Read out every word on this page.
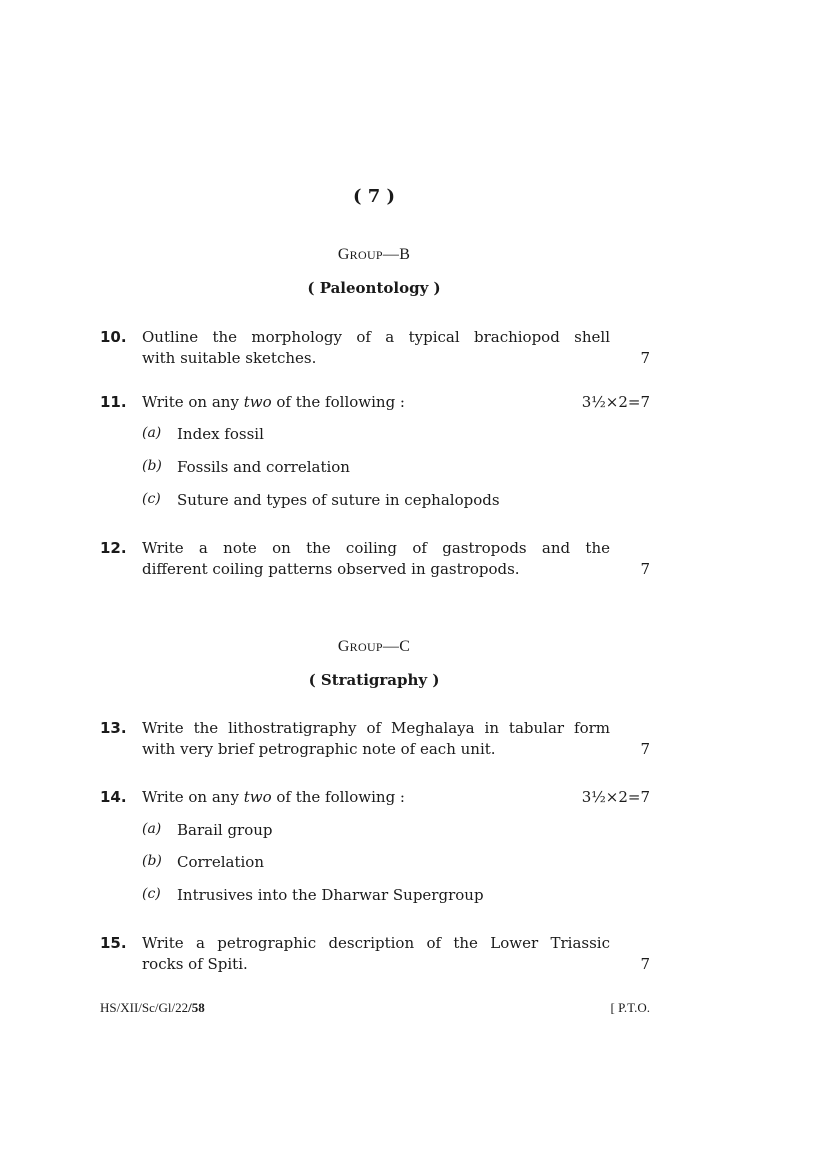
( 7 )
GROUP—B
( Paleontology )
10. Outline the morphology of a typical brachiopod shell
with suitable sketches.	7
11. Write on any two of the following :	3½×2=7
(a) Index fossil
(b) Fossils and correlation
(c) Suture and types of suture in cephalopods
12. Write a note on the coiling of gastropods and the
different coiling patterns observed in gastropods.	7
GROUP—C
( Stratigraphy )
13. Write the lithostratigraphy of Meghalaya in tabular form
with very brief petrographic note of each unit.	7
14. Write on any two of the following :	3½×2=7
(a) Barail group
(b) Correlation
(c) Intrusives into the Dharwar Supergroup
15. Write a petrographic description of the Lower Triassic
rocks of Spiti.	7
HS/XII/Sc/Gl/22/58	[ P.T.O.
